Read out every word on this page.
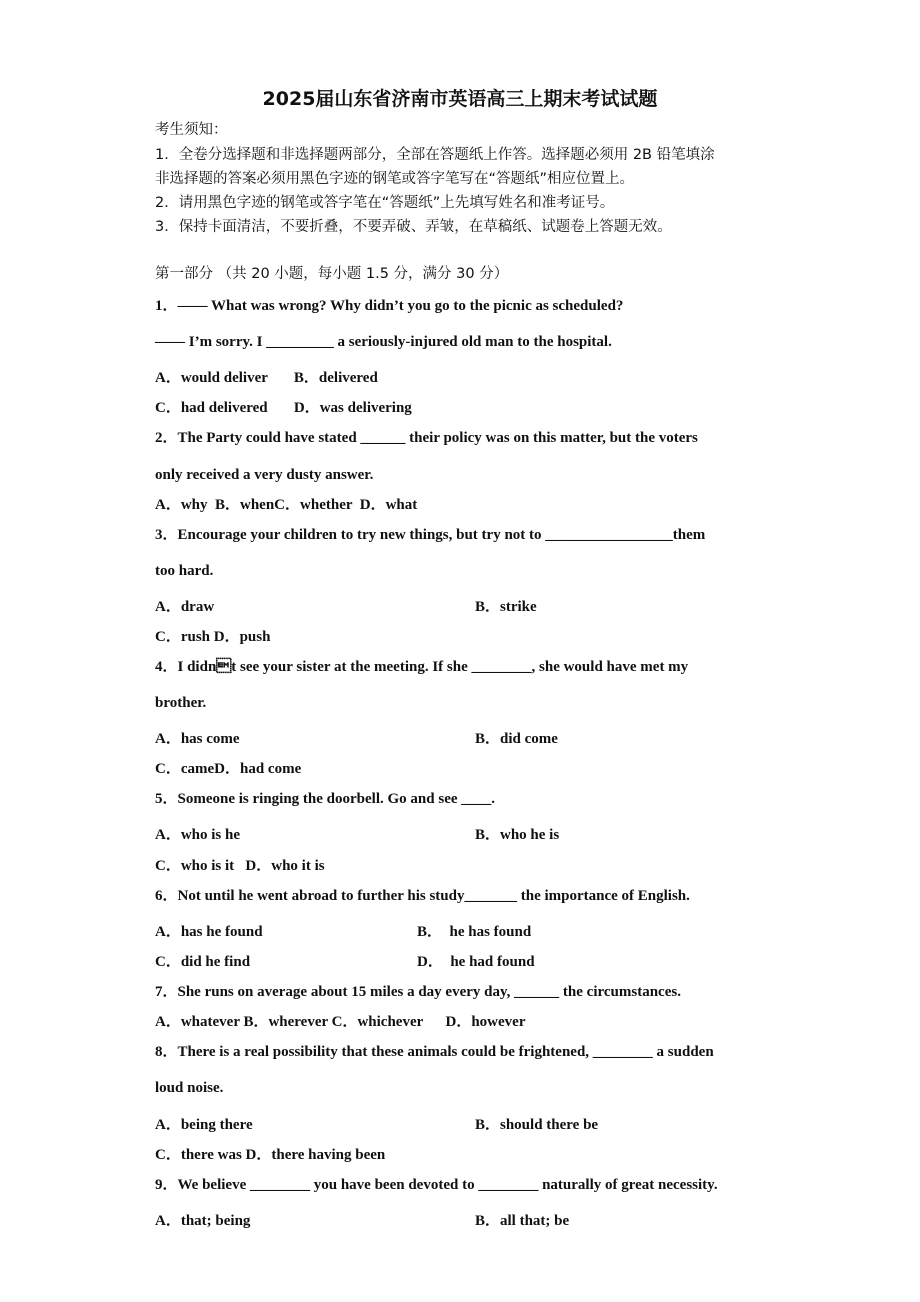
2025届山东省济南市英语高三上期末考试试题
考生须知：
1．全卷分选择题和非选择题两部分，全部在答题纸上作答。选择题必须用 2B 铅笔填涂
非选择题的答案必须用黑色字迹的钢笔或答字笔写在“答题纸”相应位置上。
2．请用黑色字迹的钢笔或答字笔在“答题纸”上先填写姓名和准考证号。
3．保持卡面清洁，不要折叠，不要弄破、弄皱，在草稿纸、试题卷上答题无效。
第一部分 （共 20 小题，每小题 1.5 分，满分 30 分）
1．—— What was wrong? Why didn’t you go to the picnic as scheduled?
—— I’m sorry. I _________ a seriously-injured old man to the hospital.
A．would deliver       B．delivered
C．had delivered       D．was delivering
2．The Party could have stated ______ their policy was on this matter, but the voters
only received a very dusty answer.
A．why  B．whenC．whether  D．what
3．Encourage your children to try new things, but try not to _________________them
too hard.
A．draw	B．strike
C．rush D．push
4．I didnt see your sister at the meeting. If she ________, she would have met my
brother.
A．has come	B．did come
C．cameD．had come
5．Someone is ringing the doorbell. Go and see ____.
A．who is he	B．who he is
C．who is it   D．who it is
6．Not until he went abroad to further his study_______ the importance of English.
A．has he found	B．  he has found
C．did he find	D．  he had found
7．She runs on average about 15 miles a day every day, ______ the circumstances.
A．whatever B．wherever C．whichever      D．however
8．There is a real possibility that these animals could be frightened, ________ a sudden
loud noise.
A．being there	B．should there be
C．there was D．there having been
9．We believe ________ you have been devoted to ________ naturally of great necessity.
A．that; being	B．all that; be
